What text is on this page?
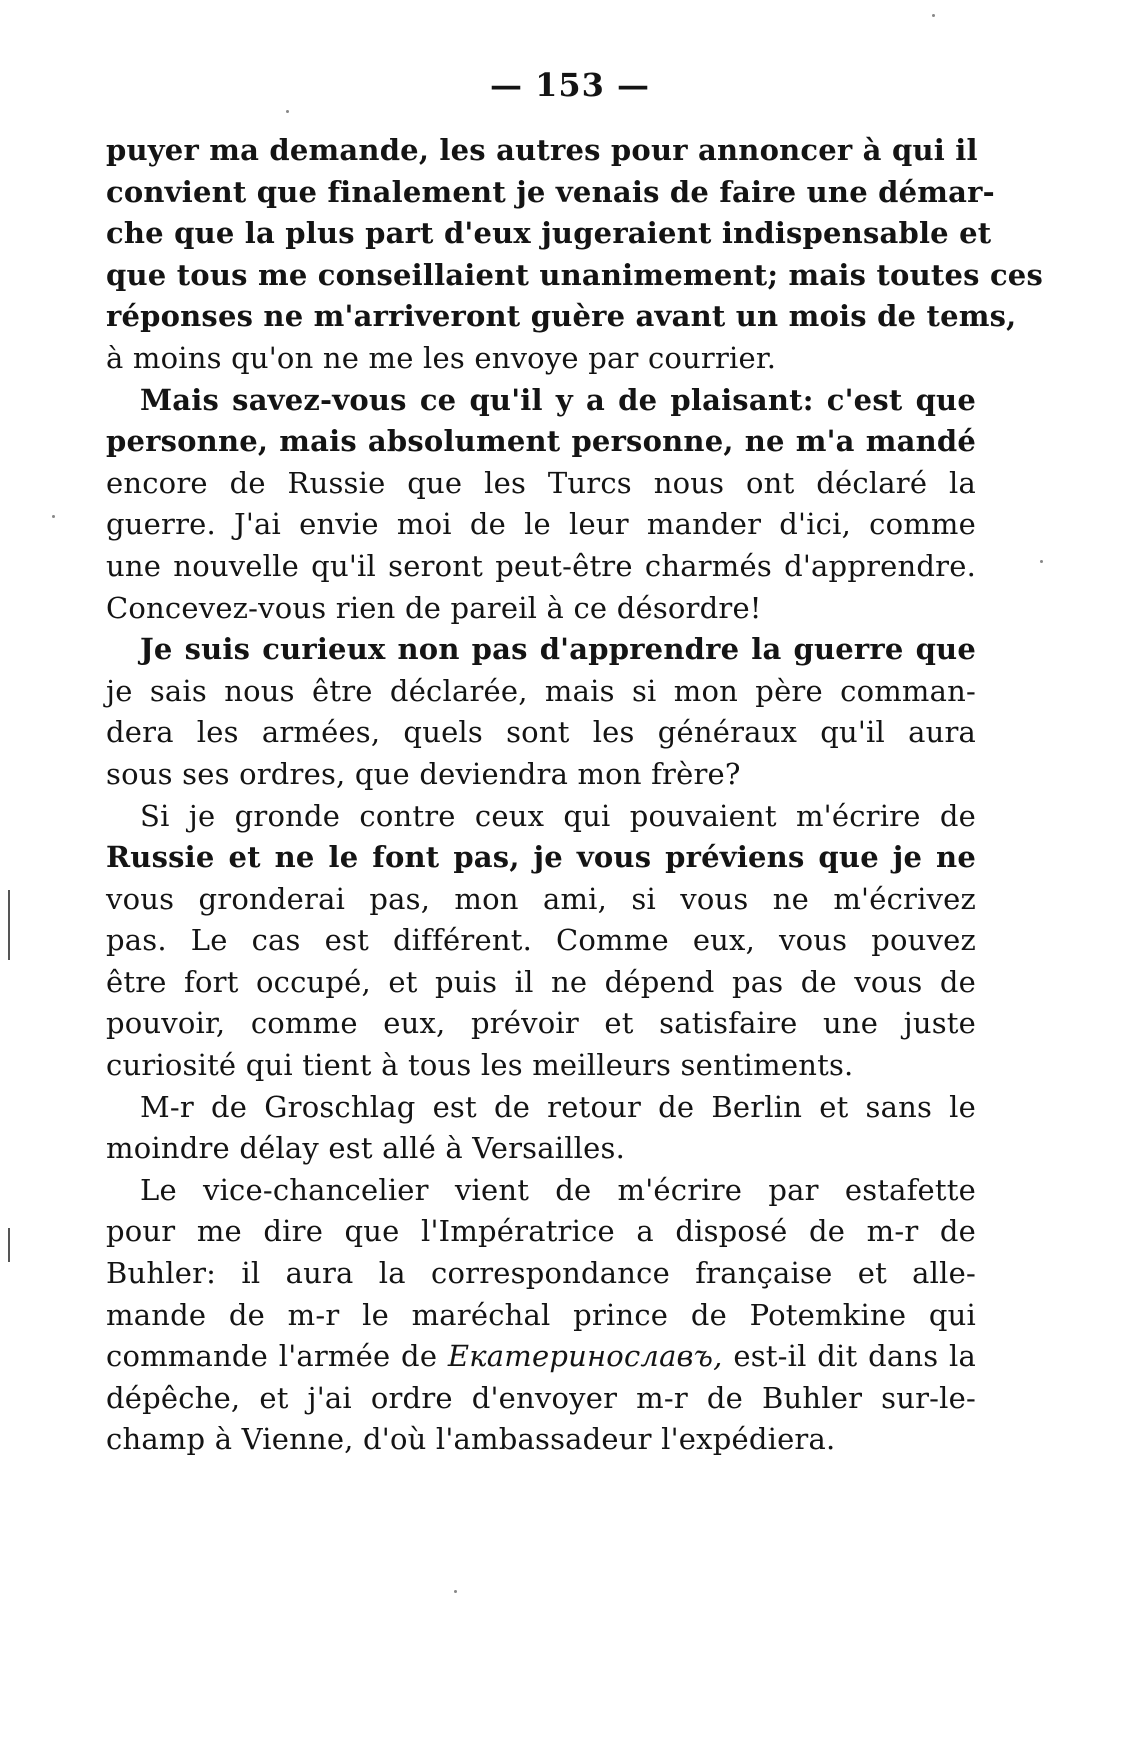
— 153 —
puyer ma demande, les autres pour annoncer à qui il
convient que finalement je venais de faire une démar-
che que la plus part d'eux jugeraient indispensable et
que tous me conseillaient unanimement; mais toutes ces
réponses ne m'arriveront guère avant un mois de tems,
à moins qu'on ne me les envoye par courrier.
Mais savez-vous ce qu'il y a de plaisant: c'est que
personne, mais absolument personne, ne m'a mandé
encore de Russie que les Turcs nous ont déclaré la
guerre. J'ai envie moi de le leur mander d'ici, comme
une nouvelle qu'il seront peut-être charmés d'apprendre.
Concevez-vous rien de pareil à ce désordre!
Je suis curieux non pas d'apprendre la guerre que
je sais nous être déclarée, mais si mon père comman-
dera les armées, quels sont les généraux qu'il aura
sous ses ordres, que deviendra mon frère?
Si je gronde contre ceux qui pouvaient m'écrire de
Russie et ne le font pas, je vous préviens que je ne
vous gronderai pas, mon ami, si vous ne m'écrivez
pas. Le cas est différent. Comme eux, vous pouvez
être fort occupé, et puis il ne dépend pas de vous de
pouvoir, comme eux, prévoir et satisfaire une juste
curiosité qui tient à tous les meilleurs sentiments.
M-r de Groschlag est de retour de Berlin et sans le
moindre délay est allé à Versailles.
Le vice-chancelier vient de m'écrire par estafette
pour me dire que l'Impératrice a disposé de m-r de
Buhler: il aura la correspondance française et alle-
mande de m-r le maréchal prince de Potemkine qui
commande l'armée de Екатеринославъ, est-il dit dans la
dépêche, et j'ai ordre d'envoyer m-r de Buhler sur-le-
champ à Vienne, d'où l'ambassadeur l'expédiera.
